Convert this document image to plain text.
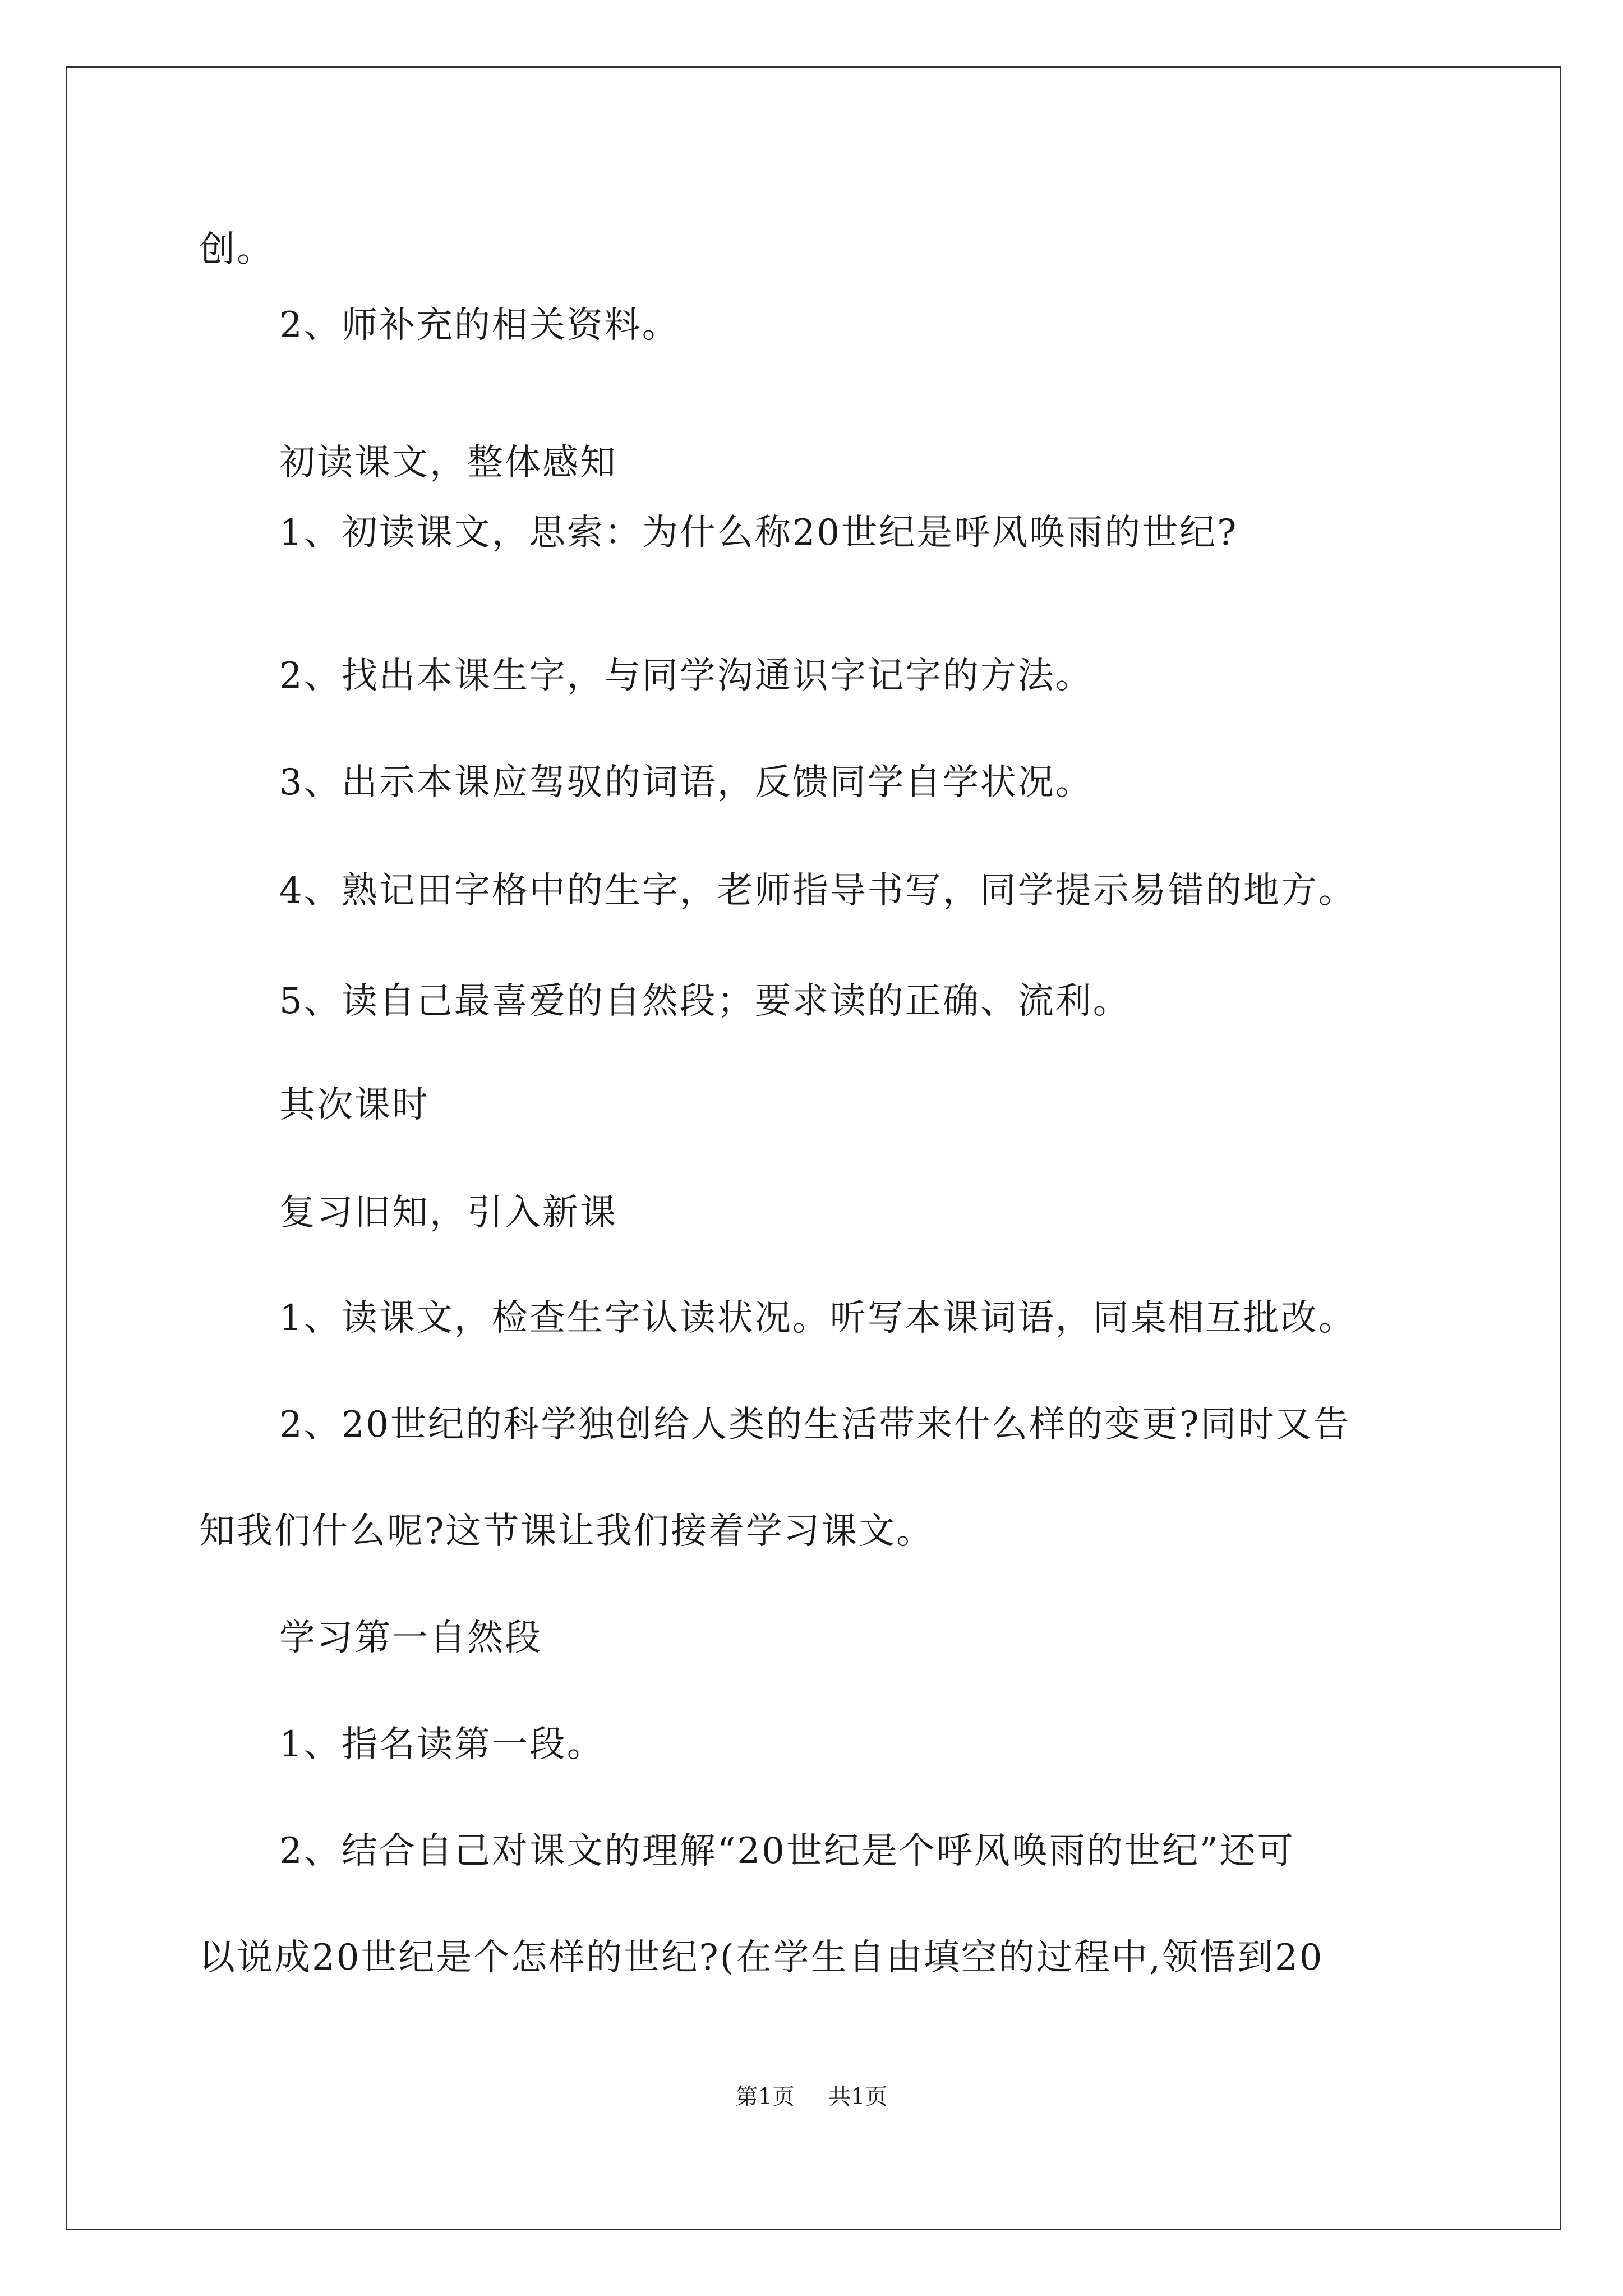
创。
2、师补充的相关资料。
初读课文，整体感知
1、初读课文，思索：为什么称20世纪是呼风唤雨的世纪?
2、找出本课生字，与同学沟通识字记字的方法。
3、出示本课应驾驭的词语，反馈同学自学状况。
4、熟记田字格中的生字，老师指导书写，同学提示易错的地方。
5、读自己最喜爱的自然段；要求读的正确、流利。
其次课时
复习旧知，引入新课
1、读课文，检查生字认读状况。听写本课词语，同桌相互批改。
2、20世纪的科学独创给人类的生活带来什么样的变更?同时又告
知我们什么呢?这节课让我们接着学习课文。
学习第一自然段
1、指名读第一段。
2、结合自己对课文的理解“20世纪是个呼风唤雨的世纪”还可
以说成20世纪是个怎样的世纪?(在学生自由填空的过程中,领悟到20
第1页 共1页
